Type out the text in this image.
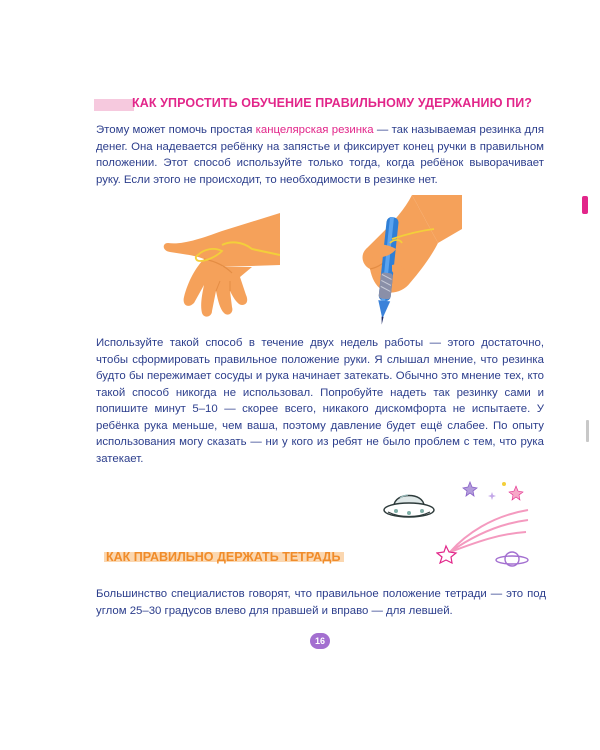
КАК УПРОСТИТЬ ОБУЧЕНИЕ ПРАВИЛЬНОМУ УДЕРЖАНИЮ ПИ?
Этому может помочь простая канцелярская резинка — так называемая резинка для денег. Она надевается ребёнку на запястье и фиксирует конец ручки в правильном положении. Этот способ используйте только тогда, когда ребёнок выворачивает руку. Если этого не происходит, то необходимости в резинке нет.
Используйте такой способ в течение двух недель работы — этого достаточно, чтобы сформировать правильное положение руки. Я слышал мнение, что резинка будто бы пережимает сосуды и рука начинает затекать. Обычно это мнение тех, кто такой способ никогда не использовал. Попробуйте надеть так резинку сами и попишите минут 5–10 — скорее всего, никакого дискомфорта не испытаете. У ребёнка рука меньше, чем ваша, поэтому давление будет ещё слабее. По опыту использования могу сказать — ни у кого из ребят не было проблем с тем, что рука затекает.
КАК ПРАВИЛЬНО ДЕРЖАТЬ ТЕТРАДЬ
Большинство специалистов говорят, что правильное положение тетради — это под углом 25–30 градусов влево для правшей и вправо — для левшей.
16
